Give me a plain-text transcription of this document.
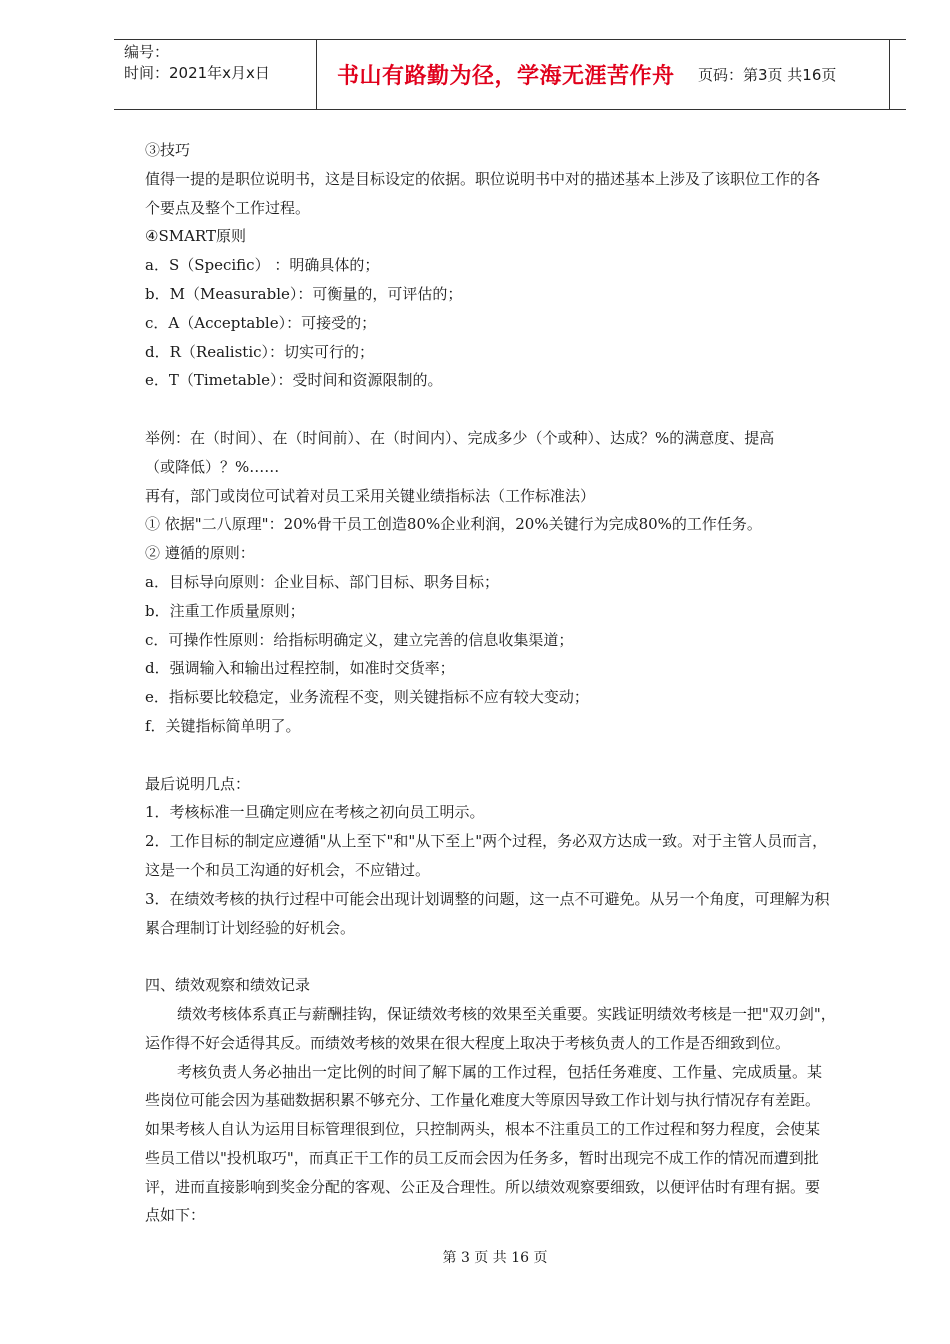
编号：
时间：2021年x月x日	书山有路勤为径，学海无涯苦作舟 页码：第3页 共16页
③技巧
值得一提的是职位说明书，这是目标设定的依据。职位说明书中对的描述基本上涉及了该职位工作的各
个要点及整个工作过程。
④SMART原则
a．S（Specific） ：明确具体的；
b．M（Measurable）：可衡量的，可评估的；
c．A（Acceptable）：可接受的；
d．R（Realistic）：切实可行的；
e．T（Timetable）：受时间和资源限制的。
举例：在（时间）、在（时间前）、在（时间内）、完成多少（个或种）、达成？%的满意度、提高
（或降低）？%……
再有，部门或岗位可试着对员工采用关键业绩指标法（工作标准法）
① 依据"二八原理"：20%骨干员工创造80%企业利润，20%关键行为完成80%的工作任务。
② 遵循的原则：
a．目标导向原则：企业目标、部门目标、职务目标；
b．注重工作质量原则；
c．可操作性原则：给指标明确定义，建立完善的信息收集渠道；
d．强调输入和输出过程控制，如准时交货率；
e．指标要比较稳定，业务流程不变，则关键指标不应有较大变动；
f．关键指标简单明了。
最后说明几点：
1．考核标准一旦确定则应在考核之初向员工明示。
2．工作目标的制定应遵循"从上至下"和"从下至上"两个过程，务必双方达成一致。对于主管人员而言，
这是一个和员工沟通的好机会，不应错过。
3．在绩效考核的执行过程中可能会出现计划调整的问题，这一点不可避免。从另一个角度，可理解为积
累合理制订计划经验的好机会。
四、绩效观察和绩效记录
绩效考核体系真正与薪酬挂钩，保证绩效考核的效果至关重要。实践证明绩效考核是一把"双刃剑"，
运作得不好会适得其反。而绩效考核的效果在很大程度上取决于考核负责人的工作是否细致到位。
考核负责人务必抽出一定比例的时间了解下属的工作过程，包括任务难度、工作量、完成质量。某
些岗位可能会因为基础数据积累不够充分、工作量化难度大等原因导致工作计划与执行情况存有差距。
如果考核人自认为运用目标管理很到位，只控制两头，根本不注重员工的工作过程和努力程度，会使某
些员工借以"投机取巧"，而真正干工作的员工反而会因为任务多，暂时出现完不成工作的情况而遭到批
评，进而直接影响到奖金分配的客观、公正及合理性。所以绩效观察要细致，以便评估时有理有据。要
点如下：
第 3 页 共 16 页
